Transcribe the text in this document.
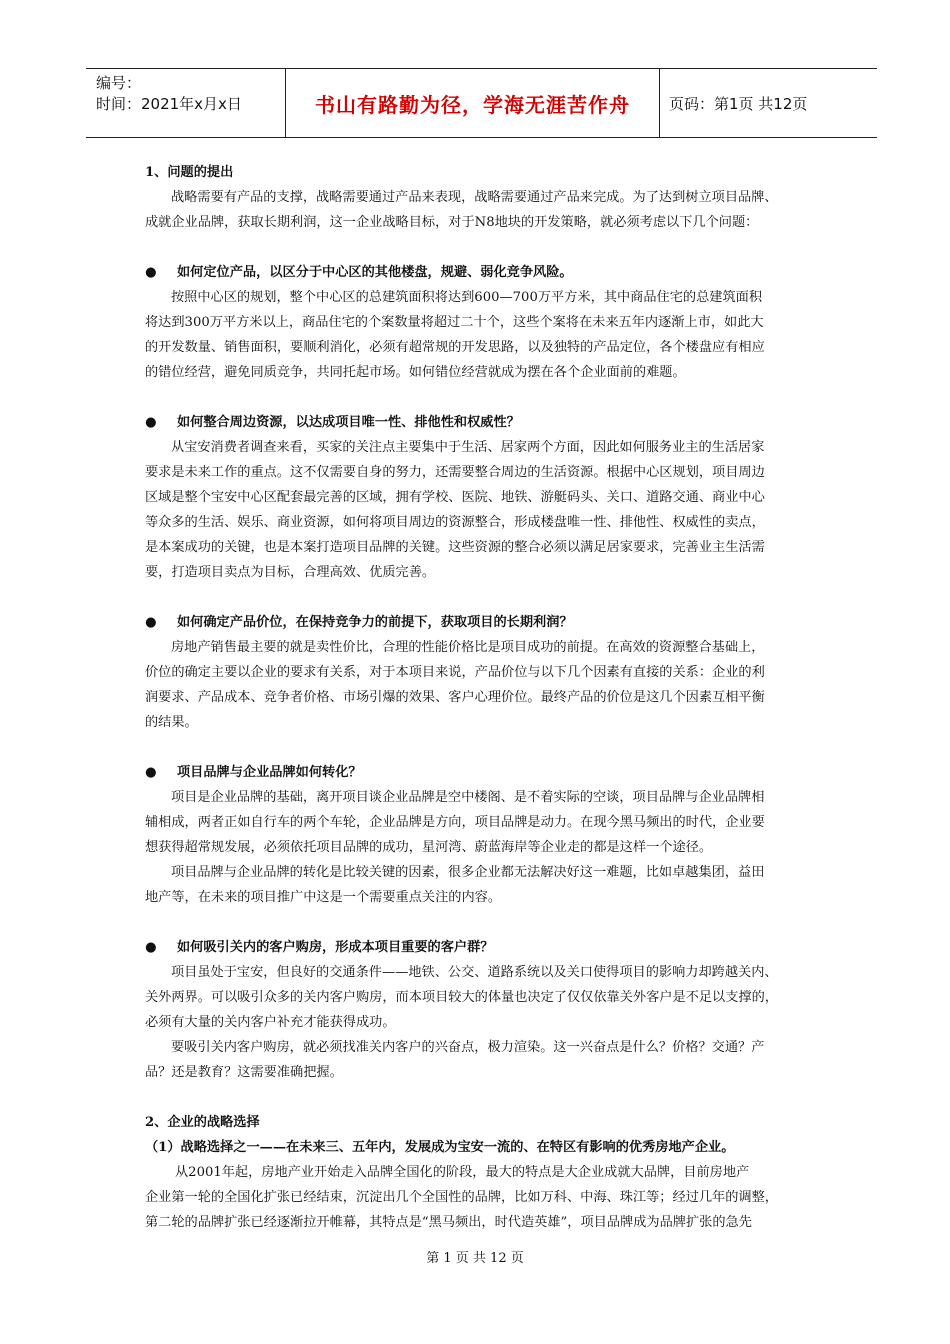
编号：
时间：2021年x月x日	书山有路勤为径，学海无涯苦作舟	页码：第1页 共12页
1、问题的提出
战略需要有产品的支撑，战略需要通过产品来表现，战略需要通过产品来完成。为了达到树立项目品牌、
成就企业品牌，获取长期利润，这一企业战略目标，对于N8地块的开发策略，就必须考虑以下几个问题：
● 如何定位产品，以区分于中心区的其他楼盘，规避、弱化竞争风险。
按照中心区的规划，整个中心区的总建筑面积将达到600—700万平方米，其中商品住宅的总建筑面积
将达到300万平方米以上，商品住宅的个案数量将超过二十个，这些个案将在未来五年内逐渐上市，如此大
的开发数量、销售面积，要顺利消化，必须有超常规的开发思路，以及独特的产品定位，各个楼盘应有相应
的错位经营，避免同质竞争，共同托起市场。如何错位经营就成为摆在各个企业面前的难题。
● 如何整合周边资源，以达成项目唯一性、排他性和权威性？
从宝安消费者调查来看，买家的关注点主要集中于生活、居家两个方面，因此如何服务业主的生活居家
要求是未来工作的重点。这不仅需要自身的努力，还需要整合周边的生活资源。根据中心区规划，项目周边
区域是整个宝安中心区配套最完善的区域，拥有学校、医院、地铁、游艇码头、关口、道路交通、商业中心
等众多的生活、娱乐、商业资源，如何将项目周边的资源整合，形成楼盘唯一性、排他性、权威性的卖点，
是本案成功的关键，也是本案打造项目品牌的关键。这些资源的整合必须以满足居家要求，完善业主生活需
要，打造项目卖点为目标，合理高效、优质完善。
● 如何确定产品价位，在保持竞争力的前提下，获取项目的长期利润？
房地产销售最主要的就是卖性价比，合理的性能价格比是项目成功的前提。在高效的资源整合基础上，
价位的确定主要以企业的要求有关系，对于本项目来说，产品价位与以下几个因素有直接的关系：企业的利
润要求、产品成本、竞争者价格、市场引爆的效果、客户心理价位。最终产品的价位是这几个因素互相平衡
的结果。
● 项目品牌与企业品牌如何转化？
项目是企业品牌的基础，离开项目谈企业品牌是空中楼阁、是不着实际的空谈，项目品牌与企业品牌相
辅相成，两者正如自行车的两个车轮，企业品牌是方向，项目品牌是动力。在现今黑马频出的时代，企业要
想获得超常规发展，必须依托项目品牌的成功，星河湾、蔚蓝海岸等企业走的都是这样一个途径。
项目品牌与企业品牌的转化是比较关键的因素，很多企业都无法解决好这一难题，比如卓越集团，益田
地产等，在未来的项目推广中这是一个需要重点关注的内容。
● 如何吸引关内的客户购房，形成本项目重要的客户群？
项目虽处于宝安，但良好的交通条件——地铁、公交、道路系统以及关口使得项目的影响力却跨越关内、
关外两界。可以吸引众多的关内客户购房，而本项目较大的体量也决定了仅仅依靠关外客户是不足以支撑的，
必须有大量的关内客户补充才能获得成功。
要吸引关内客户购房，就必须找准关内客户的兴奋点，极力渲染。这一兴奋点是什么？价格？交通？产
品？还是教育？这需要准确把握。
2、企业的战略选择
（1）战略选择之一——在未来三、五年内，发展成为宝安一流的、在特区有影响的优秀房地产企业。
从2001年起，房地产业开始走入品牌全国化的阶段，最大的特点是大企业成就大品牌，目前房地产
企业第一轮的全国化扩张已经结束，沉淀出几个全国性的品牌，比如万科、中海、珠江等；经过几年的调整，
第二轮的品牌扩张已经逐渐拉开帷幕，其特点是“黑马频出，时代造英雄”，项目品牌成为品牌扩张的急先
第 1 页 共 12 页
